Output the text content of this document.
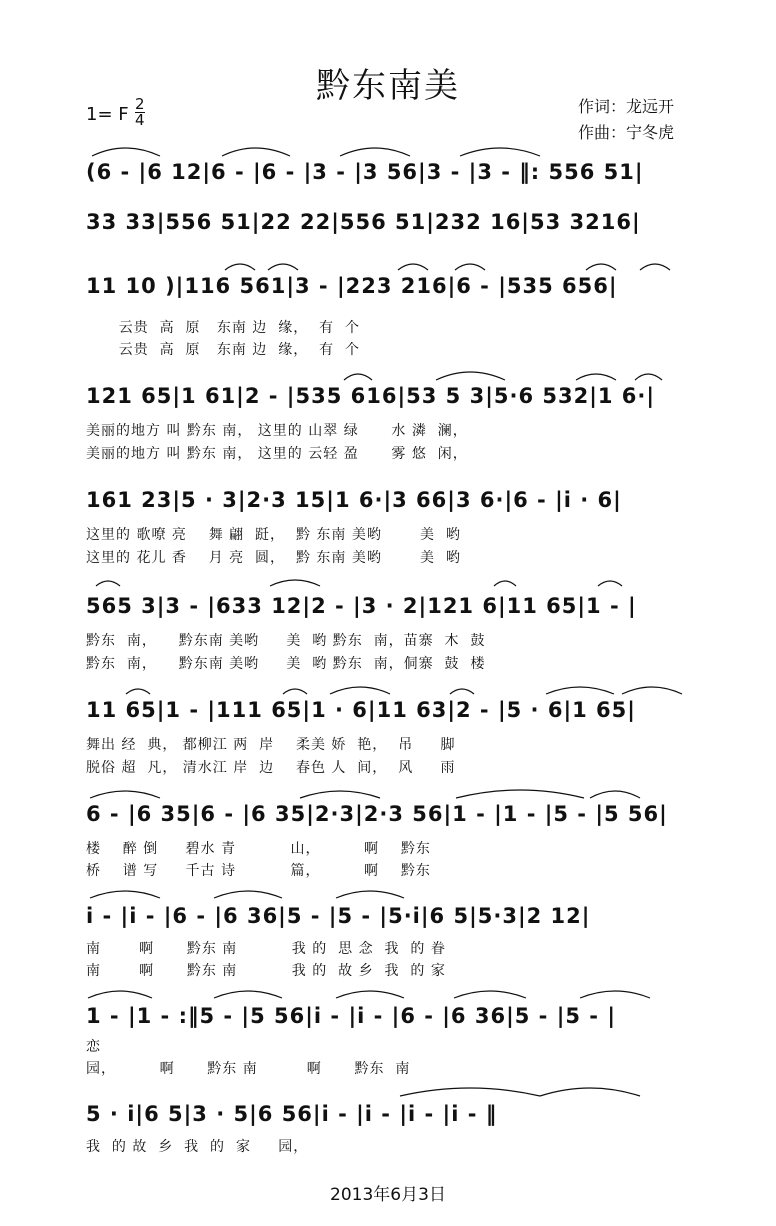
黔东南美
作词：龙远开
作曲：宁冬虎
1= F $\frac{2}{4}$
(6 - |6 12|6 - |6 - |3 - |3 56|3 - |3 - ‖: 556 51|
33 33|556 51|22 22|556 51|232 16|53 3216|
11 10 )|116 561|3 - |223 216|6 - |535 656|
云贵  高  原   东南 边  缘，  有  个
云贵  高  原   东南 边  缘，  有  个
121 65|1 61|2 - |535 616|53 5 3|5·6 532|1 6·|
美丽的地方 叫 黔东 南， 这里的 山翠 绿      水 潾  澜，
美丽的地方 叫 黔东 南， 这里的 云轻 盈      雾 悠  闲，
161 23|5 · 3|2·3 15|1 6·|3 66|3 6·|6 - |i · 6|
这里的 歌嘹 亮    舞 翩  跹，  黔 东南 美哟       美  哟
这里的 花儿 香    月 亮  圆，  黔 东南 美哟       美  哟
565 3|3 - |633 12|2 - |3 · 2|121 6|11 65|1 - |
黔东  南，    黔东南 美哟     美  哟 黔东  南，苗寨  木  鼓
黔东  南，    黔东南 美哟     美  哟 黔东  南，侗寨  鼓  楼
11 65|1 - |111 65|1 · 6|11 63|2 - |5 · 6|1 65|
舞出 经  典， 都柳江 两  岸    柔美 娇  艳，  吊     脚
脱俗 超  凡， 清水江 岸  边    春色 人  间，  风     雨
6 - |6 35|6 - |6 35|2·3|2·3 56|1 - |1 - |5 - |5 56|
楼    醉 倒     碧水 青          山，        啊    黔东
桥    谱 写     千古 诗          篇，        啊    黔东
i - |i - |6 - |6 36|5 - |5 - |5·i|6 5|5·3|2 12|
南       啊      黔东 南          我 的  思 念  我  的 眷
南       啊      黔东 南          我 的  故 乡  我  的 家
1 - |1 - :‖5 - |5 56|i - |i - |6 - |6 36|5 - |5 - |
恋
园，        啊      黔东 南         啊      黔东  南
5 · i|6 5|3 · 5|6 56|i - |i - |i - |i - ‖
我  的 故  乡  我  的  家     园，
2013年6月3日
